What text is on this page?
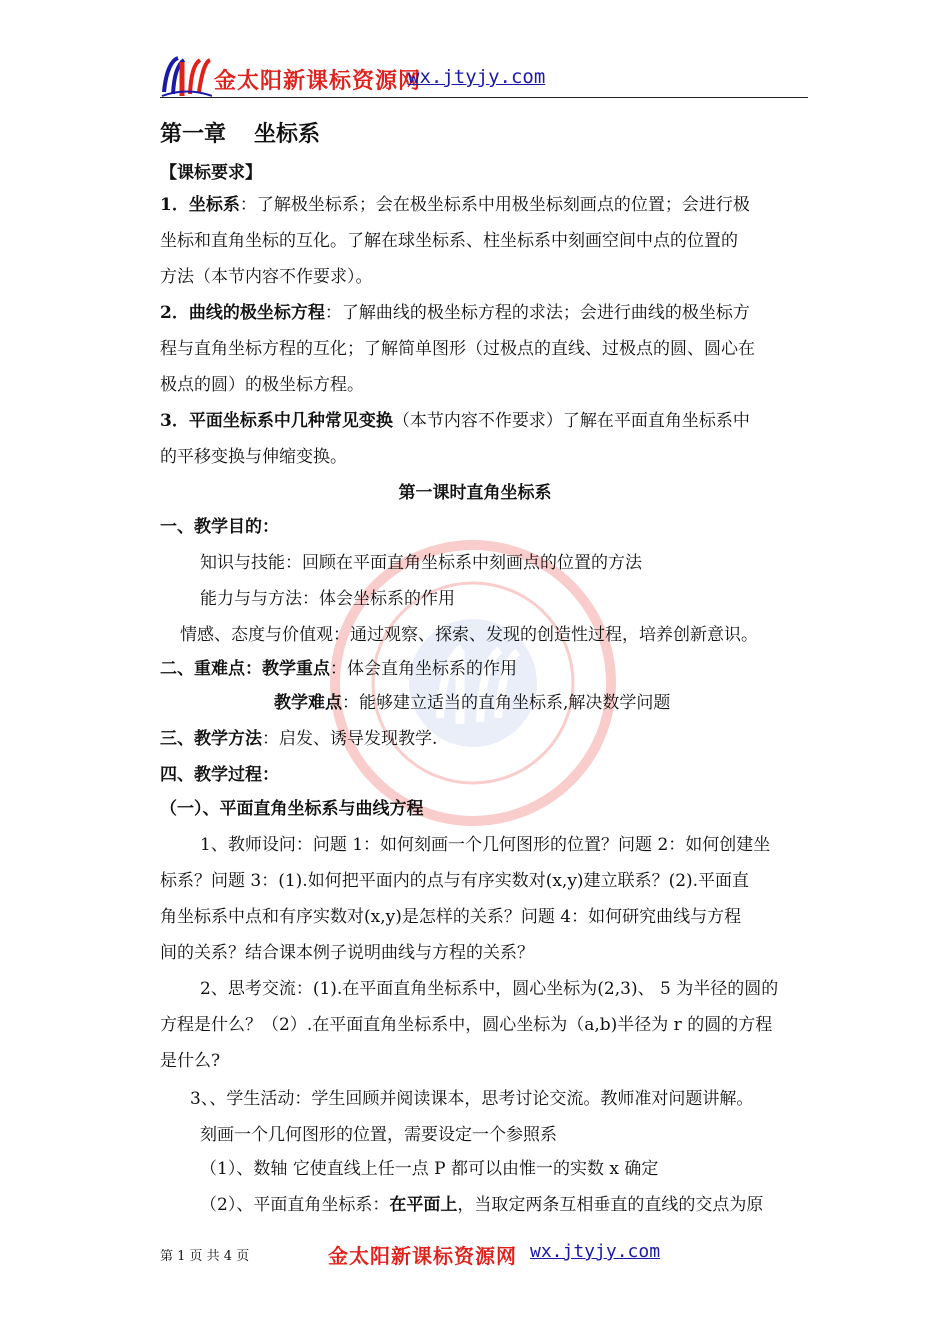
金太阳新课标资源网
wx.jtyjy.com
第一章 坐标系
【课标要求】
1．坐标系：了解极坐标系；会在极坐标系中用极坐标刻画点的位置；会进行极
坐标和直角坐标的互化。了解在球坐标系、柱坐标系中刻画空间中点的位置的
方法（本节内容不作要求）。
2．曲线的极坐标方程：了解曲线的极坐标方程的求法；会进行曲线的极坐标方
程与直角坐标方程的互化；了解简单图形（过极点的直线、过极点的圆、圆心在
极点的圆）的极坐标方程。
3．平面坐标系中几种常见变换（本节内容不作要求）了解在平面直角坐标系中
的平移变换与伸缩变换。
第一课时直角坐标系
一、教学目的：
知识与技能：回顾在平面直角坐标系中刻画点的位置的方法
能力与与方法：体会坐标系的作用
情感、态度与价值观：通过观察、探索、发现的创造性过程，培养创新意识。
二、重难点：教学重点：体会直角坐标系的作用
教学难点：能够建立适当的直角坐标系,解决数学问题
三、教学方法：启发、诱导发现教学.
四、教学过程：
（一）、平面直角坐标系与曲线方程
1、教师设问：问题 1：如何刻画一个几何图形的位置？问题 2：如何创建坐
标系？问题 3：(1).如何把平面内的点与有序实数对(x,y)建立联系？(2).平面直
角坐标系中点和有序实数对(x,y)是怎样的关系？问题 4：如何研究曲线与方程
间的关系？结合课本例子说明曲线与方程的关系？
2、思考交流：(1).在平面直角坐标系中，圆心坐标为(2,3)、 5 为半径的圆的
方程是什么？（2）.在平面直角坐标系中，圆心坐标为（a,b)半径为 r 的圆的方程
是什么?
3、、学生活动：学生回顾并阅读课本，思考讨论交流。教师准对问题讲解。
刻画一个几何图形的位置，需要设定一个参照系
（1）、数轴 它使直线上任一点 P 都可以由惟一的实数 x 确定
（2）、平面直角坐标系：在平面上，当取定两条互相垂直的直线的交点为原
第 1 页 共 4 页	金太阳新课标资源网 wx.jtyjy.com
